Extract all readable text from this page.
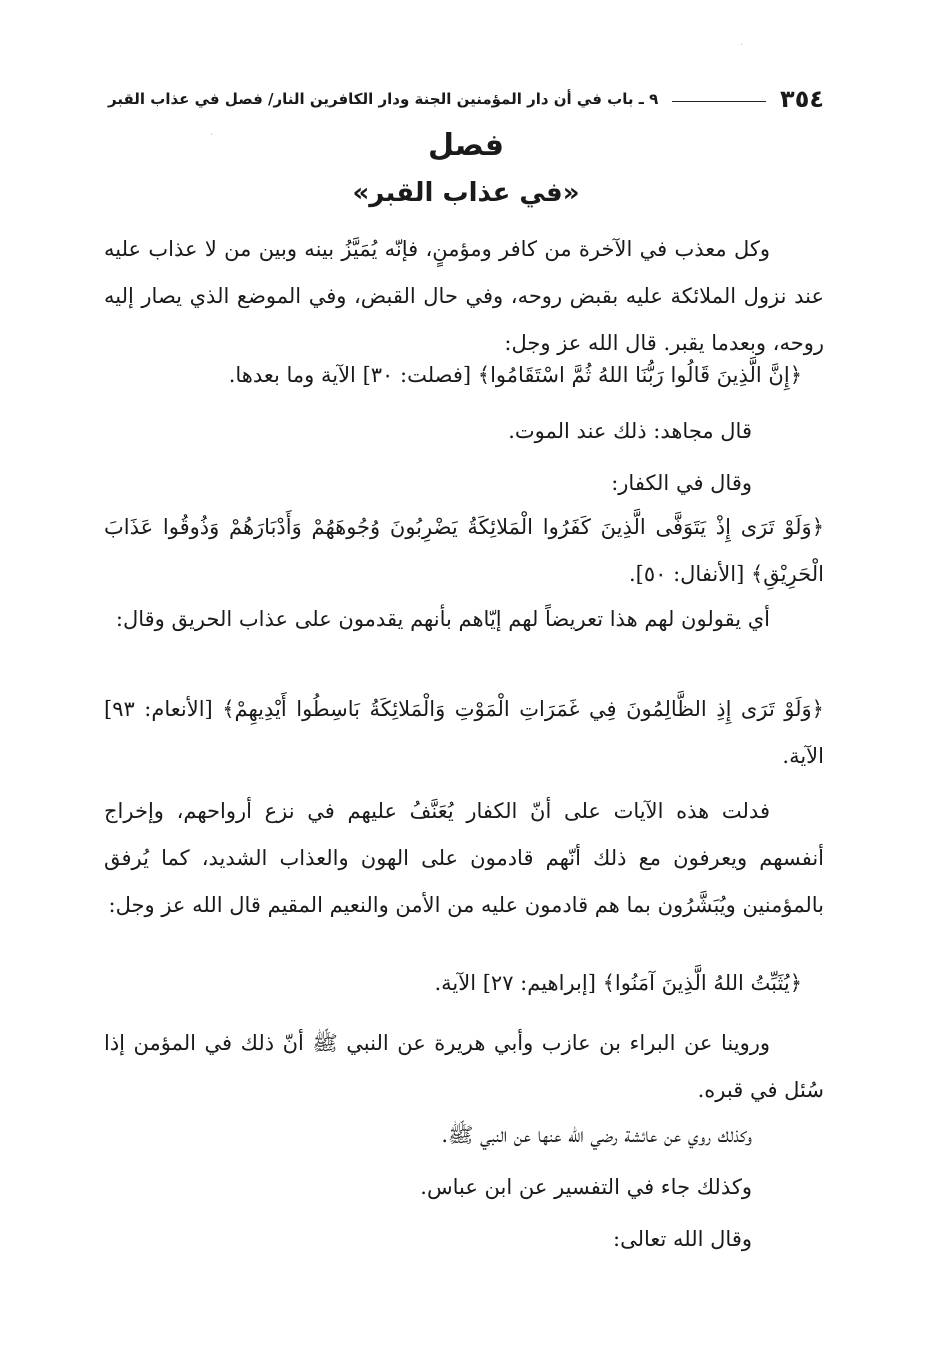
·
·
٣٥٤
٩ ـ باب في أن دار المؤمنين الجنة ودار الكافرين النار/ فصل في عذاب القبر
فصل
«في عذاب القبر»

وكل معذب في الآخرة من كافر ومؤمنٍ، فإنّه يُمَيَّزُ بينه وبين من لا عذاب عليه عند نزول الملائكة عليه بقبض روحه، وفي حال القبض، وفي الموضع الذي يصار إليه روحه، وبعدما يقبر. قال الله عز وجل:

﴿إِنَّ الَّذِينَ قَالُوا رَبُّنَا اللهُ ثُمَّ اسْتَقَامُوا﴾ [فصلت: ٣٠] الآية وما بعدها.

قال مجاهد: ذلك عند الموت.

وقال في الكفار:

﴿وَلَوْ تَرَى إِذْ يَتَوَفَّى الَّذِينَ كَفَرُوا الْمَلائِكَةُ يَضْرِبُونَ وُجُوهَهُمْ وَأَدْبَارَهُمْ وَذُوقُوا عَذَابَ الْحَرِيْقِ﴾ [الأنفال: ٥٠].

أي يقولون لهم هذا تعريضاً لهم إيّاهم بأنهم يقدمون على عذاب الحريق وقال:

﴿وَلَوْ تَرَى إِذِ الظَّالِمُونَ فِي غَمَرَاتِ الْمَوْتِ وَالْمَلائِكَةُ بَاسِطُوا أَيْدِيهِمْ﴾ [الأنعام: ٩٣] الآية.

فدلت هذه الآيات على أنّ الكفار يُعَنَّفُ عليهم في نزع أرواحهم، وإخراج أنفسهم ويعرفون مع ذلك أنّهم قادمون على الهون والعذاب الشديد، كما يُرفق بالمؤمنين ويُبَشَّرُون بما هم قادمون عليه من الأمن والنعيم المقيم قال الله عز وجل:

﴿يُثَبِّتُ اللهُ الَّذِينَ آمَنُوا﴾ [إبراهيم: ٢٧] الآية.

وروينا عن البراء بن عازب وأبي هريرة عن النبي ﷺ أنّ ذلك في المؤمن إذا سُئل في قبره.

وكذلك روي عن عائشة رضي الله عنها عن النبي ﷺ.

وكذلك جاء في التفسير عن ابن عباس.

وقال الله تعالى:
